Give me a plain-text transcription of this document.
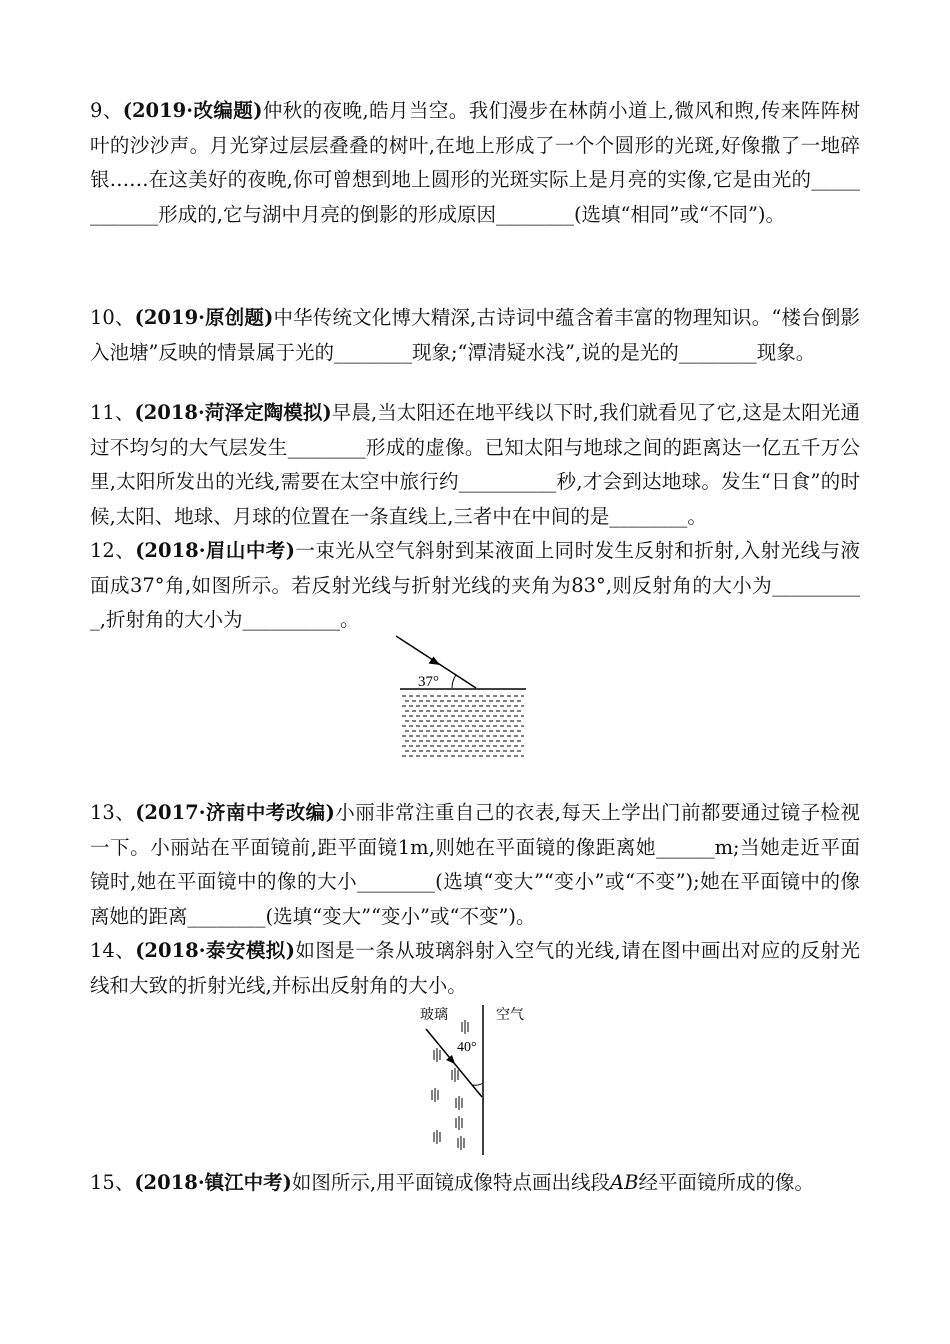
9、(2019·改编题)仲秋的夜晚,皓月当空。我们漫步在林荫小道上,微风和煦,传来阵阵树叶的沙沙声。月光穿过层层叠叠的树叶,在地上形成了一个个圆形的光斑,好像撒了一地碎银……在这美好的夜晚,你可曾想到地上圆形的光斑实际上是月亮的实像,它是由光的____________形成的,它与湖中月亮的倒影的形成原因________(选填“相同”或“不同”)。

10、(2019·原创题)中华传统文化博大精深,古诗词中蕴含着丰富的物理知识。“楼台倒影入池塘”反映的情景属于光的________现象;“潭清疑水浅”,说的是光的________现象。

11、(2018·菏泽定陶模拟)早晨,当太阳还在地平线以下时,我们就看见了它,这是太阳光通过不均匀的大气层发生________形成的虚像。已知太阳与地球之间的距离达一亿五千万公里,太阳所发出的光线,需要在太空中旅行约__________秒,才会到达地球。发生“日食”的时候,太阳、地球、月球的位置在一条直线上,三者中在中间的是________。

12、(2018·眉山中考)一束光从空气斜射到某液面上同时发生反射和折射,入射光线与液面成37°角,如图所示。若反射光线与折射光线的夹角为83°,则反射角的大小为__________,折射角的大小为__________。

37°

13、(2017·济南中考改编)小丽非常注重自己的衣表,每天上学出门前都要通过镜子检视一下。小丽站在平面镜前,距平面镜1m,则她在平面镜的像距离她______m;当她走近平面镜时,她在平面镜中的像的大小________(选填“变大”“变小”或“不变”);她在平面镜中的像离她的距离________(选填“变大”“变小”或“不变”)。

14、(2018·泰安模拟)如图是一条从玻璃斜射入空气的光线,请在图中画出对应的反射光线和大致的折射光线,并标出反射角的大小。

玻璃	空气
40°

15、(2018·镇江中考)如图所示,用平面镜成像特点画出线段AB经平面镜所成的像。
